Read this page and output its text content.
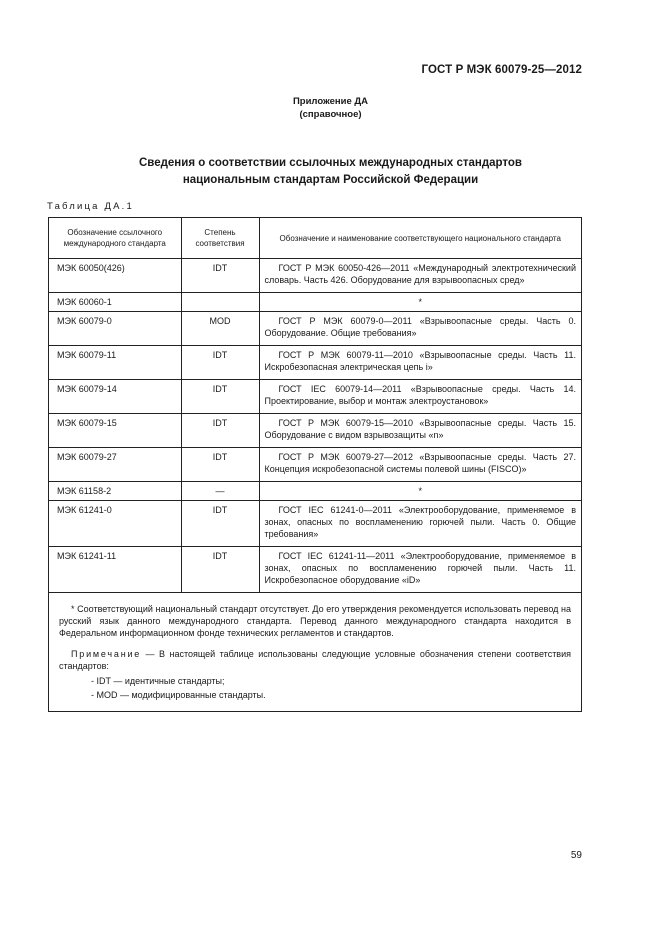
ГОСТ Р МЭК 60079-25—2012
Приложение ДА
(справочное)
Сведения о соответствии ссылочных международных стандартов
национальным стандартам Российской Федерации
Таблица ДА.1
Обозначение ссылочного международного стандарта	Степень соответствия	Обозначение и наименование соответствующего национального стандарта
МЭК 60050(426)	IDT	ГОСТ Р МЭК 60050-426—2011 «Международный электротехнический словарь. Часть 426. Оборудование для взрывоопасных сред»
МЭК 60060-1		*
МЭК 60079-0	MOD	ГОСТ Р МЭК 60079-0—2011 «Взрывоопасные среды. Часть 0. Оборудование. Общие требования»
МЭК 60079-11	IDT	ГОСТ Р МЭК 60079-11—2010 «Взрывоопасные среды. Часть 11. Искробезопасная электрическая цепь i»
МЭК 60079-14	IDT	ГОСТ IEC 60079-14—2011 «Взрывоопасные среды. Часть 14. Проектирование, выбор и монтаж электроустановок»
МЭК 60079-15	IDT	ГОСТ Р МЭК 60079-15—2010 «Взрывоопасные среды. Часть 15. Оборудование с видом взрывозащиты «n»
МЭК 60079-27	IDT	ГОСТ Р МЭК 60079-27—2012 «Взрывоопасные среды. Часть 27. Концепция искробезопасной системы полевой шины (FISCO)»
МЭК 61158-2	—	*
МЭК 61241-0	IDT	ГОСТ IEC 61241-0—2011 «Электрооборудование, применяемое в зонах, опасных по воспламенению горючей пыли. Часть 0. Общие требования»
МЭК 61241-11	IDT	ГОСТ IEC 61241-11—2011 «Электрооборудование, применяемое в зонах, опасных по воспламенению горючей пыли. Часть 11. Искробезопасное оборудование «iD»

* Соответствующий национальный стандарт отсутствует. До его утверждения рекомендуется использовать перевод на русский язык данного международного стандарта. Перевод данного международного стандарта находится в Федеральном информационном фонде технических регламентов и стандартов.

Примечание — В настоящей таблице использованы следующие условные обозначения степени соответствия стандартов:

- IDT — идентичные стандарты;
- MOD — модифицированные стандарты.
59
